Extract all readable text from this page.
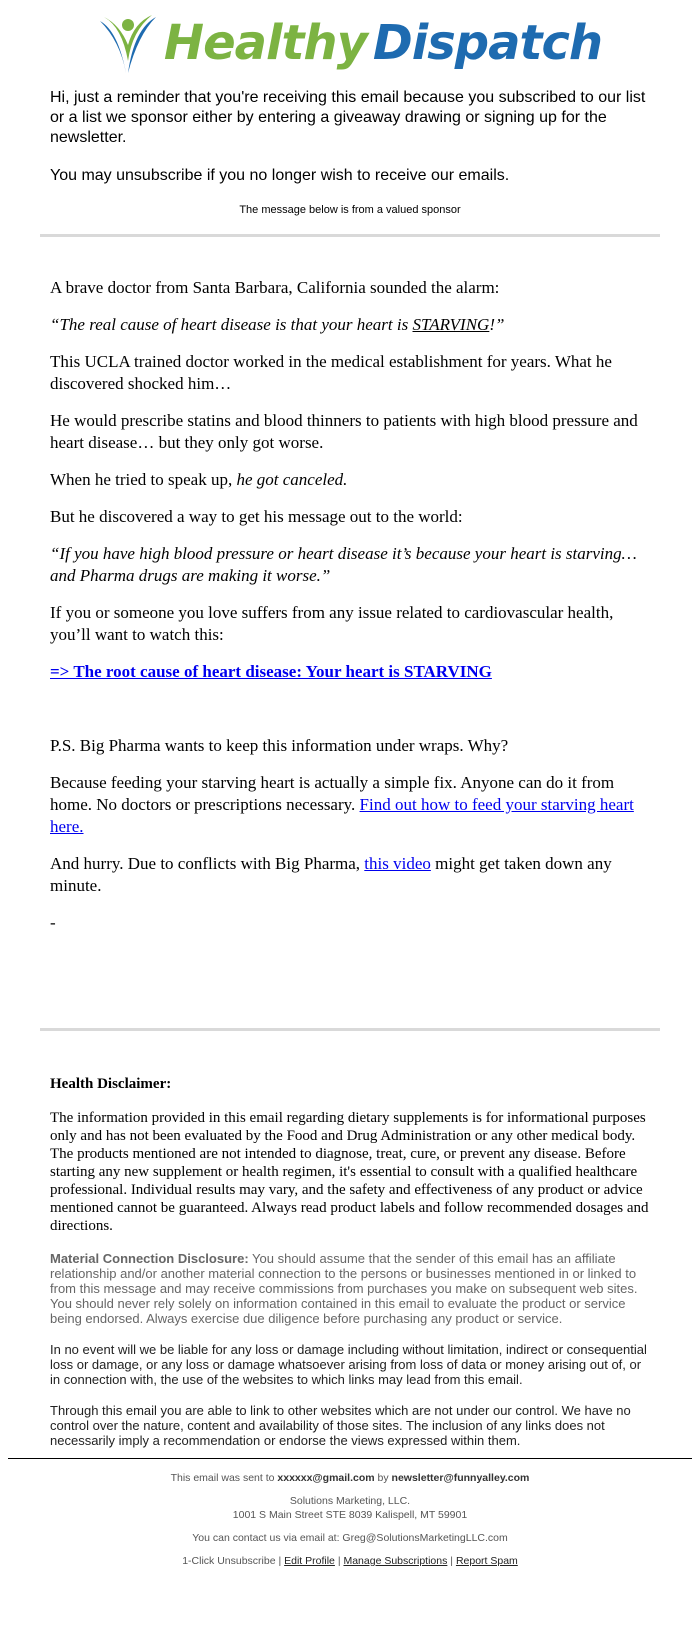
Healthy Dispatch

Hi, just a reminder that you're receiving this email because you subscribed to our list or a list we sponsor either by entering a giveaway drawing or signing up for the newsletter.

You may unsubscribe if you no longer wish to receive our emails.

The message below is from a valued sponsor

A brave doctor from Santa Barbara, California sounded the alarm:

“The real cause of heart disease is that your heart is STARVING!”

This UCLA trained doctor worked in the medical establishment for years. What he discovered shocked him…

He would prescribe statins and blood thinners to patients with high blood pressure and heart disease… but they only got worse.

When he tried to speak up, he got canceled.

But he discovered a way to get his message out to the world:

“If you have high blood pressure or heart disease it’s because your heart is starving… and Pharma drugs are making it worse.”

If you or someone you love suffers from any issue related to cardiovascular health, you’ll want to watch this:

=> The root cause of heart disease: Your heart is STARVING

P.S. Big Pharma wants to keep this information under wraps. Why?

Because feeding your starving heart is actually a simple fix. Anyone can do it from home. No doctors or prescriptions necessary. Find out how to feed your starving heart here.

And hurry. Due to conflicts with Big Pharma, this video might get taken down any minute.

-

Health Disclaimer:

The information provided in this email regarding dietary supplements is for informational purposes only and has not been evaluated by the Food and Drug Administration or any other medical body. The products mentioned are not intended to diagnose, treat, cure, or prevent any disease. Before starting any new supplement or health regimen, it's essential to consult with a qualified healthcare professional. Individual results may vary, and the safety and effectiveness of any product or advice mentioned cannot be guaranteed. Always read product labels and follow recommended dosages and directions.

Material Connection Disclosure: You should assume that the sender of this email has an affiliate relationship and/or another material connection to the persons or businesses mentioned in or linked to from this message and may receive commissions from purchases you make on subsequent web sites. You should never rely solely on information contained in this email to evaluate the product or service being endorsed. Always exercise due diligence before purchasing any product or service.

In no event will we be liable for any loss or damage including without limitation, indirect or consequential loss or damage, or any loss or damage whatsoever arising from loss of data or money arising out of, or in connection with, the use of the websites to which links may lead from this email.

Through this email you are able to link to other websites which are not under our control. We have no control over the nature, content and availability of those sites. The inclusion of any links does not necessarily imply a recommendation or endorse the views expressed within them.

This email was sent to xxxxxx@gmail.com by newsletter@funnyalley.com

Solutions Marketing, LLC.
1001 S Main Street STE 8039 Kalispell, MT 59901

You can contact us via email at: Greg@SolutionsMarketingLLC.com

1-Click Unsubscribe | Edit Profile | Manage Subscriptions | Report Spam
